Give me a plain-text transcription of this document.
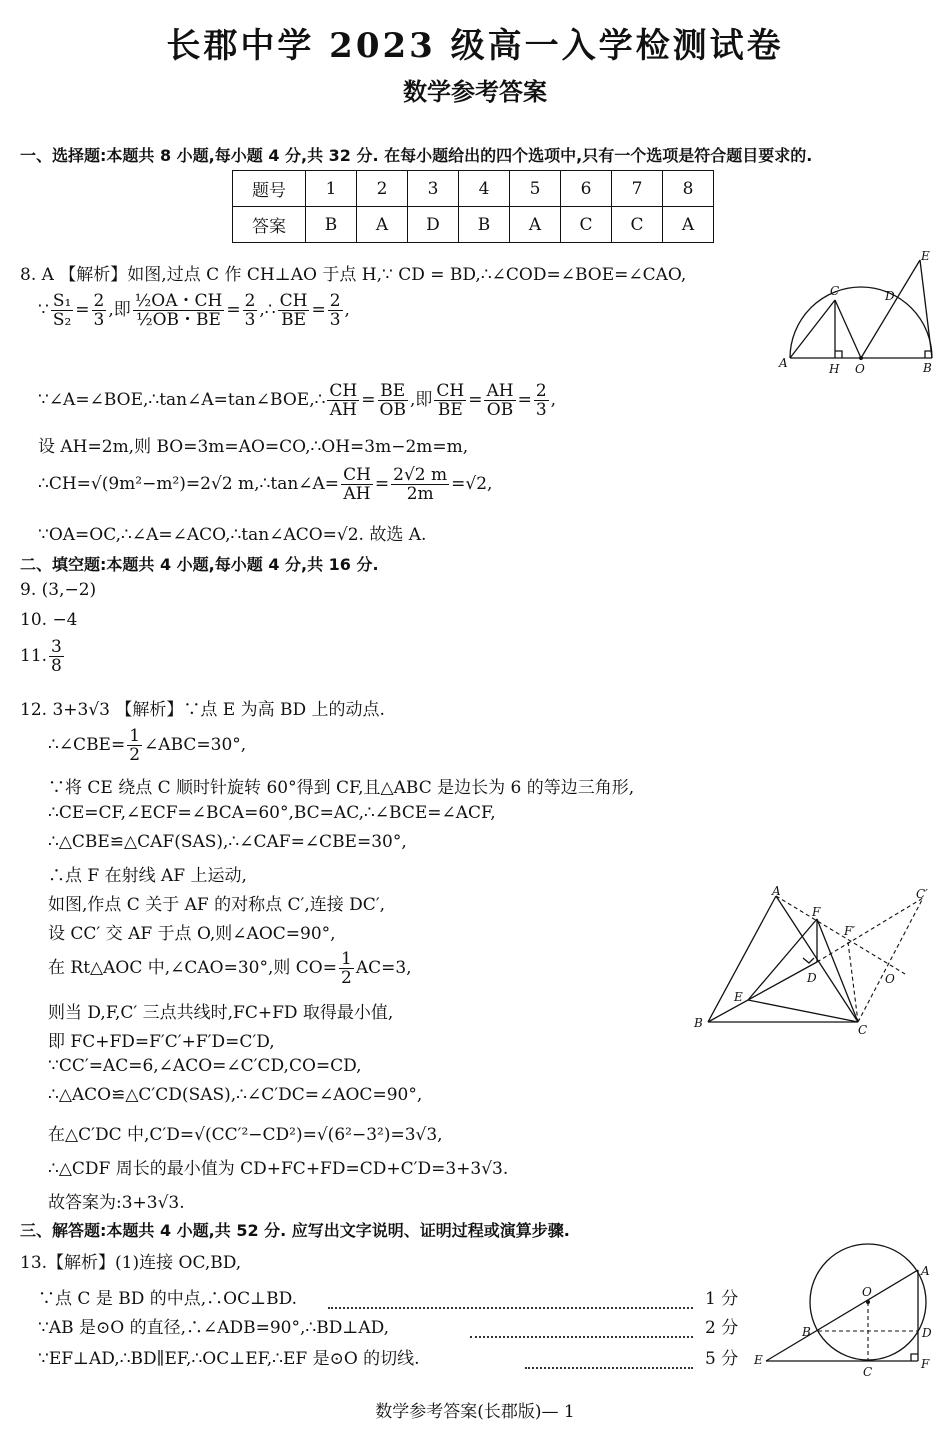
长郡中学 2023 级高一入学检测试卷
数学参考答案
一、选择题:本题共 8 小题,每小题 4 分,共 32 分. 在每小题给出的四个选项中,只有一个选项是符合题目要求的.
题号	1	2	3	4	5	6	7	8
答案	B	A	D	B	A	C	C	A
8. A 【解析】如图,过点 C 作 CH⊥AO 于点 H,∵ CD = BD,∴∠COD=∠BOE=∠CAO,
∵ $\frac{\text{S₁}}{\text{S₂}} = \frac{2}{3}$ ,即 $\frac{\text{½OA・CH}}{\text{½OB・BE}} = \frac{2}{3}$ ,∴ $\frac{CH}{BE} = \frac{2}{3}$ ,
∵∠A=∠BOE,∴tan∠A=tan∠BOE,∴ $\frac{CH}{AH} = \frac{BE}{OB}$ ,即 $\frac{CH}{BE} = \frac{AH}{OB} = \frac{2}{3}$ ,
设 AH=2m,则 BO=3m=AO=CO,∴OH=3m−2m=m,
∴CH=√(9m²−m²)=2√2 m,∴tan∠A= $\frac{CH}{AH} = \frac{2√2 m}{2m} =√2$,
∵OA=OC,∴∠A=∠ACO,∴tan∠ACO=√2. 故选 A.
二、填空题:本题共 4 小题,每小题 4 分,共 16 分.
9. (3,−2)
10. −4
11. $\frac{3}{8}$
12. 3+3√3 【解析】∵点 E 为高 BD 上的动点.
∴∠CBE= $\frac{1}{2}$ ∠ABC=30°,
∵将 CE 绕点 C 顺时针旋转 60°得到 CF,且△ABC 是边长为 6 的等边三角形,
∴CE=CF,∠ECF=∠BCA=60°,BC=AC,∴∠BCE=∠ACF,
∴△CBE≌△CAF(SAS),∴∠CAF=∠CBE=30°,
∴点 F 在射线 AF 上运动,
如图,作点 C 关于 AF 的对称点 C′,连接 DC′,
设 CC′ 交 AF 于点 O,则∠AOC=90°,
在 Rt△AOC 中,∠CAO=30°,则 $CO= \frac{1}{2} AC=3$,
则当 D,F,C′ 三点共线时,FC+FD 取得最小值,
即 FC+FD=F′C′+F′D=C′D,
∵CC′=AC=6,∠ACO=∠C′CD,CO=CD,
∴△ACO≌△C′CD(SAS),∴∠C′DC=∠AOC=90°,
在△C′DC 中,C′D=√(CC′²−CD²)=√(6²−3²)=3√3,
∴△CDF 周长的最小值为 CD+FC+FD=CD+C′D=3+3√3.
故答案为:3+3√3.
三、解答题:本题共 4 小题,共 52 分. 应写出文字说明、证明过程或演算步骤.
13.【解析】(1)连接 OC,BD,
∵点 C 是 BD 的中点,∴OC⊥BD.	1 分
∵AB 是⊙O 的直径,∴∠ADB=90°,∴BD⊥AD,	2 分
∵EF⊥AD,∴BD∥EF,∴OC⊥EF,∴EF 是⊙O 的切线.	5 分
A	H O	B
C	D
E
A
B	C
D
E
F
F′
C′
O
A
B
C
D
E	F
O
数学参考答案(长郡版)— 1
